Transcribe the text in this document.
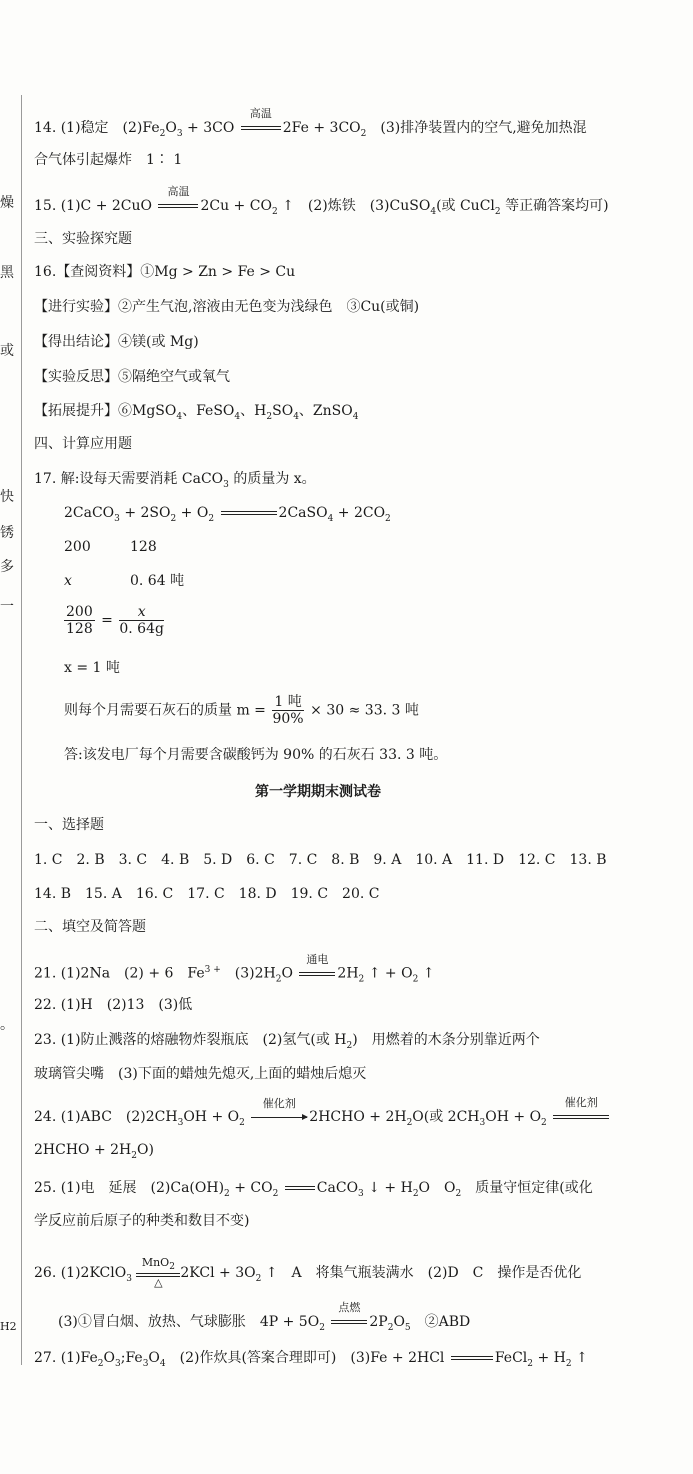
燥
黑
或
快
锈
多
一
。
H2
14. (1)稳定　$(2)Fe_2O_3 + 3CO$
高温
$2Fe + 3CO_2$　 (3)排净装置内的空气,避免加热混
合气体引起爆炸　1∶ 1
15. (1)C + 2CuO
高温
$2Cu + CO_2$ ↑　(2)炼铁　(3)CuSO$_4$(或 CuCl$_2$ 等正确答案均可)
三、实验探究题
16.【查阅资料】①Mg > Zn > Fe > Cu
【进行实验】②产生气泡,溶液由无色变为浅绿色　③Cu(或铜)
【得出结论】④镁(或 Mg)
【实验反思】⑤隔绝空气或氧气
【拓展提升】⑥MgSO$_4$、FeSO$_4$、$H_2SO_4$、ZnSO$_4$
四、计算应用题
17. 解:设每天需要消耗 CaCO$_3$ 的质量为 x。
2CaCO$_3$ + $2SO_2 + O_2$	2CaSO$_4$ + $2CO_2$
200	128
x	0. 64 吨
$\frac{200}{128} = \frac{x}{0. 64g}$
x = 1 吨
则每个月需要石灰石的质量 $m = \frac{\text{1 吨}}{90\%} \times 30 \approx 33$. 3 吨
答:该发电厂每个月需要含碳酸钙为 90% 的石灰石 33. 3 吨。
第一学期期末测试卷
一、选择题
1. C　2. B　3. C　4. B　5. D　6. C　7. C　8. B　9. A　10. A　11. D　12. C　13. B
14. B　15. A　16. C　17. C　18. D　19. C　20. C
二、填空及简答题
21. (1)2Na　(2) + 6　$Fe^{3 +}$　$(3)2H_2O$
通电
$2H_2$ ↑ + $O_2$ ↑
22. (1)H　(2)13　(3)低
23. (1)防止溅落的熔融物炸裂瓶底　(2)氢气(或 $H_2$)　用燃着的木条分别靠近两个
玻璃管尖嘴　(3)下面的蜡烛先熄灭,上面的蜡烛后熄灭
24. (1)ABC　$(2)2CH_3OH + O_2$
催化剂
2HCHO + $2H_2O$(或 $2CH_3OH + O_2$
催化剂
2HCHO + $2H_2O$)
25. (1)电　延展　$(2)Ca(OH)_2 + CO_2$	CaCO$_3$ ↓ + $H_2O$　$O_2$　质量守恒定律(或化
学反应前后原子的种类和数目不变)
26. (1)2KClO$_3$ MnO$_2$
△2KCl + $3O_2$ ↑　A　将集气瓶装满水　(2)D　C　操作是否优化
(3)①冒白烟、放热、气球膨胀　$4P + 5O_2$
点燃
$2P_2O_5$　②ABD
27. $(1)Fe_2O_3;Fe_3O_4$　(2)作炊具(答案合理即可)　(3)Fe + 2HCl	FeCl$_2$ + $H_2$ ↑
